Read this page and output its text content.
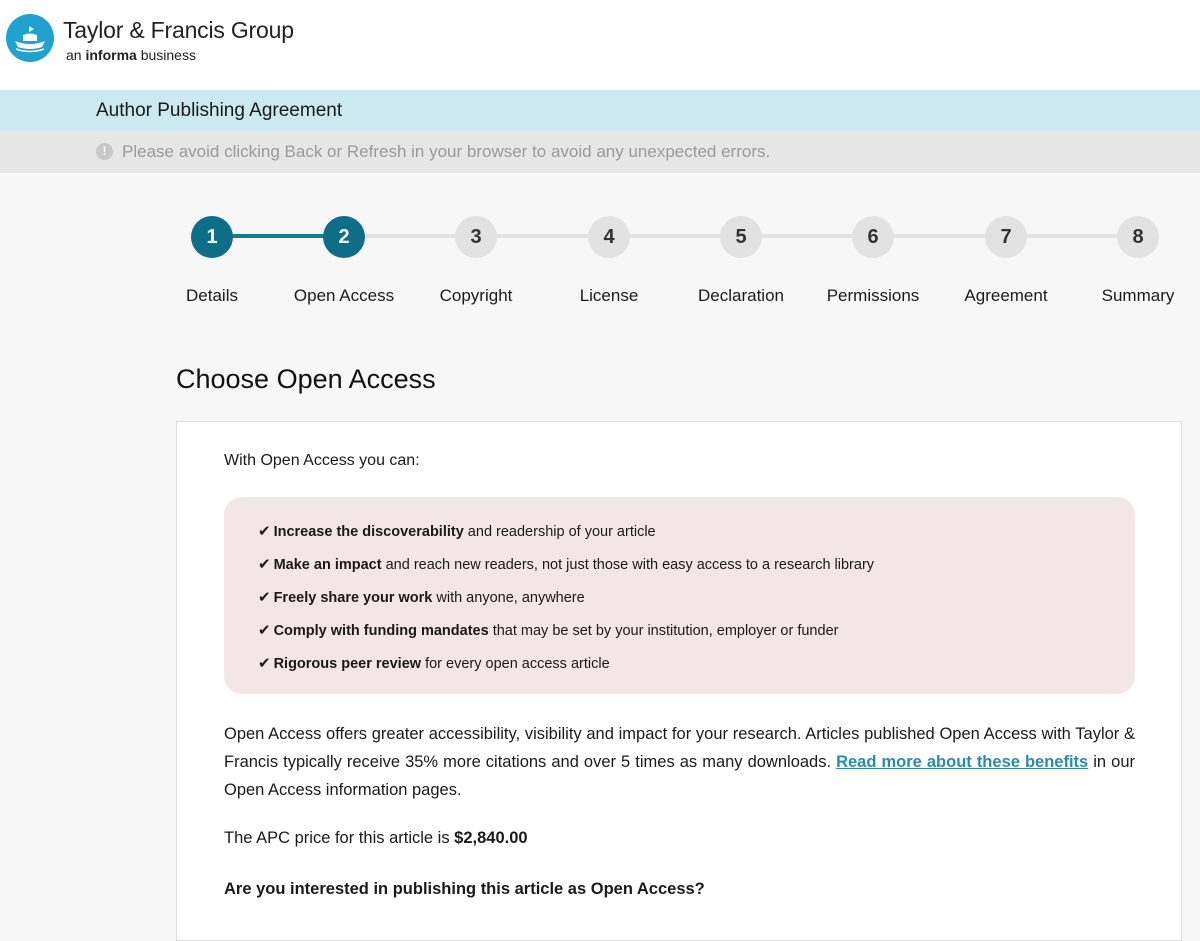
Taylor & Francis Group
an informa business
Author Publishing Agreement
! Please avoid clicking Back or Refresh in your browser to avoid any unexpected errors.
1	2	3	4	5	6	7	8
Details	Open Access	Copyright	License	Declaration	Permissions	Agreement	Summary
Choose Open Access
With Open Access you can:
✔ Increase the discoverability and readership of your article
✔ Make an impact and reach new readers, not just those with easy access to a research library
✔ Freely share your work with anyone, anywhere
✔ Comply with funding mandates that may be set by your institution, employer or funder
✔ Rigorous peer review for every open access article
Open Access offers greater accessibility, visibility and impact for your research. Articles published Open Access with Taylor & Francis typically receive 35% more citations and over 5 times as many downloads. Read more about these benefits in our Open Access information pages.
The APC price for this article is $2,840.00
Are you interested in publishing this article as Open Access?
